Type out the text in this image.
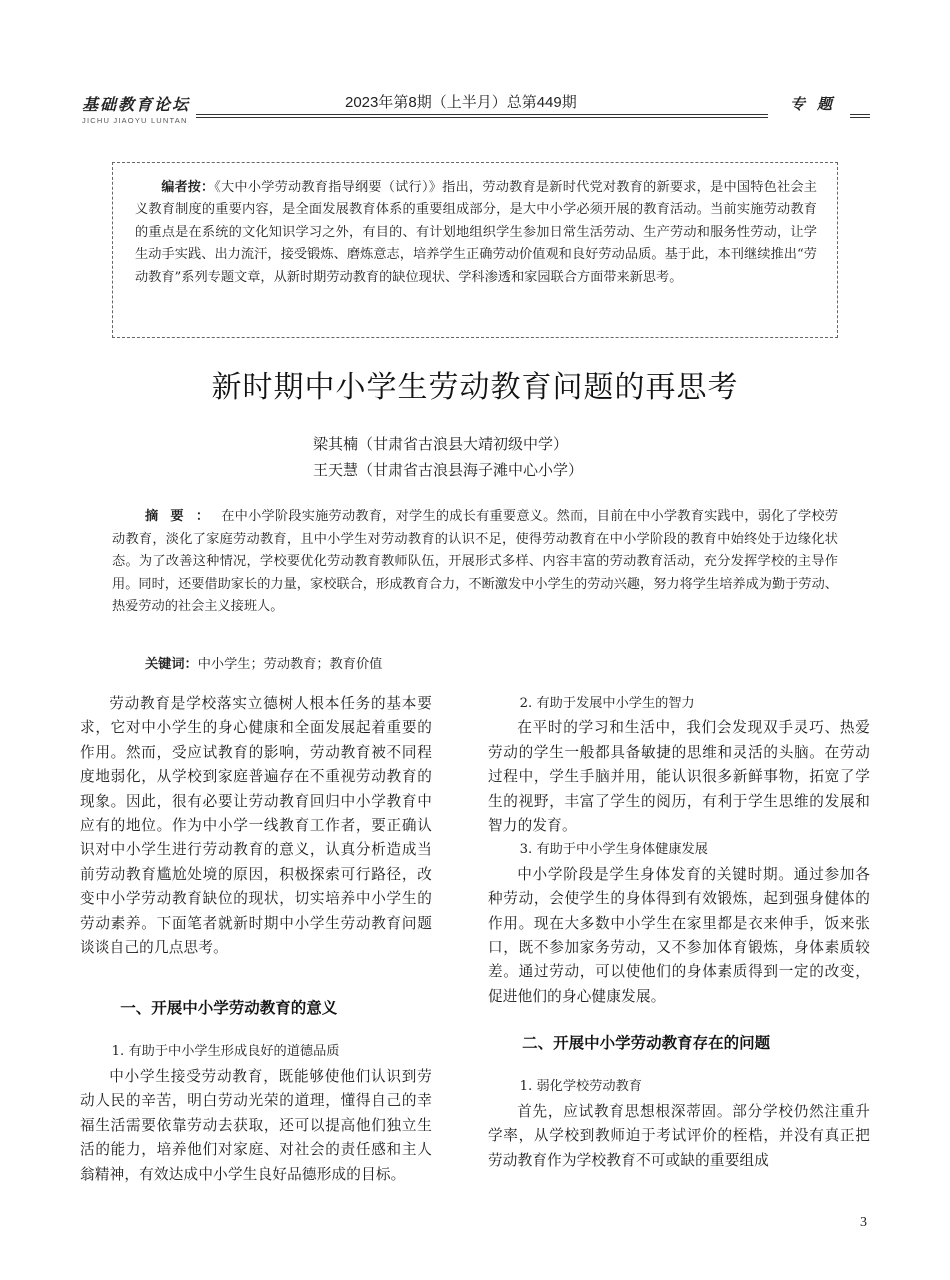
基础教育论坛
JICHU JIAOYU LUNTAN
2023年第8期（上半月）总第449期	专题

编者按：《大中小学劳动教育指导纲要（试行）》指出，劳动教育是新时代党对教育的新要求，是中国特色社会主义教育制度的重要内容，是全面发展教育体系的重要组成部分，是大中小学必须开展的教育活动。当前实施劳动教育的重点是在系统的文化知识学习之外，有目的、有计划地组织学生参加日常生活劳动、生产劳动和服务性劳动，让学生动手实践、出力流汗，接受锻炼、磨炼意志，培养学生正确劳动价值观和良好劳动品质。基于此，本刊继续推出“劳动教育”系列专题文章，从新时期劳动教育的缺位现状、学科渗透和家园联合方面带来新思考。

新时期中小学生劳动教育问题的再思考
梁其楠（甘肃省古浪县大靖初级中学）
王天慧（甘肃省古浪县海子滩中心小学）

摘要：在中小学阶段实施劳动教育，对学生的成长有重要意义。然而，目前在中小学教育实践中，弱化了学校劳动教育，淡化了家庭劳动教育，且中小学生对劳动教育的认识不足，使得劳动教育在中小学阶段的教育中始终处于边缘化状态。为了改善这种情况，学校要优化劳动教育教师队伍，开展形式多样、内容丰富的劳动教育活动，充分发挥学校的主导作用。同时，还要借助家长的力量，家校联合，形成教育合力，不断激发中小学生的劳动兴趣，努力将学生培养成为勤于劳动、热爱劳动的社会主义接班人。

关键词：中小学生；劳动教育；教育价值

劳动教育是学校落实立德树人根本任务的基本要求，它对中小学生的身心健康和全面发展起着重要的作用。然而，受应试教育的影响，劳动教育被不同程度地弱化，从学校到家庭普遍存在不重视劳动教育的现象。因此，很有必要让劳动教育回归中小学教育中应有的地位。作为中小学一线教育工作者，要正确认识对中小学生进行劳动教育的意义，认真分析造成当前劳动教育尴尬处境的原因，积极探索可行路径，改变中小学劳动教育缺位的现状，切实培养中小学生的劳动素养。下面笔者就新时期中小学生劳动教育问题谈谈自己的几点思考。

一、开展中小学劳动教育的意义

1. 有助于中小学生形成良好的道德品质

中小学生接受劳动教育，既能够使他们认识到劳动人民的辛苦，明白劳动光荣的道理，懂得自己的幸福生活需要依靠劳动去获取，还可以提高他们独立生活的能力，培养他们对家庭、对社会的责任感和主人翁精神，有效达成中小学生良好品德形成的目标。

2. 有助于发展中小学生的智力

在平时的学习和生活中，我们会发现双手灵巧、热爱劳动的学生一般都具备敏捷的思维和灵活的头脑。在劳动过程中，学生手脑并用，能认识很多新鲜事物，拓宽了学生的视野，丰富了学生的阅历，有利于学生思维的发展和智力的发育。

3. 有助于中小学生身体健康发展

中小学阶段是学生身体发育的关键时期。通过参加各种劳动，会使学生的身体得到有效锻炼，起到强身健体的作用。现在大多数中小学生在家里都是衣来伸手，饭来张口，既不参加家务劳动，又不参加体育锻炼，身体素质较差。通过劳动，可以使他们的身体素质得到一定的改变，促进他们的身心健康发展。

二、开展中小学劳动教育存在的问题

1. 弱化学校劳动教育

首先，应试教育思想根深蒂固。部分学校仍然注重升学率，从学校到教师迫于考试评价的桎梏，并没有真正把劳动教育作为学校教育不可或缺的重要组成

3
